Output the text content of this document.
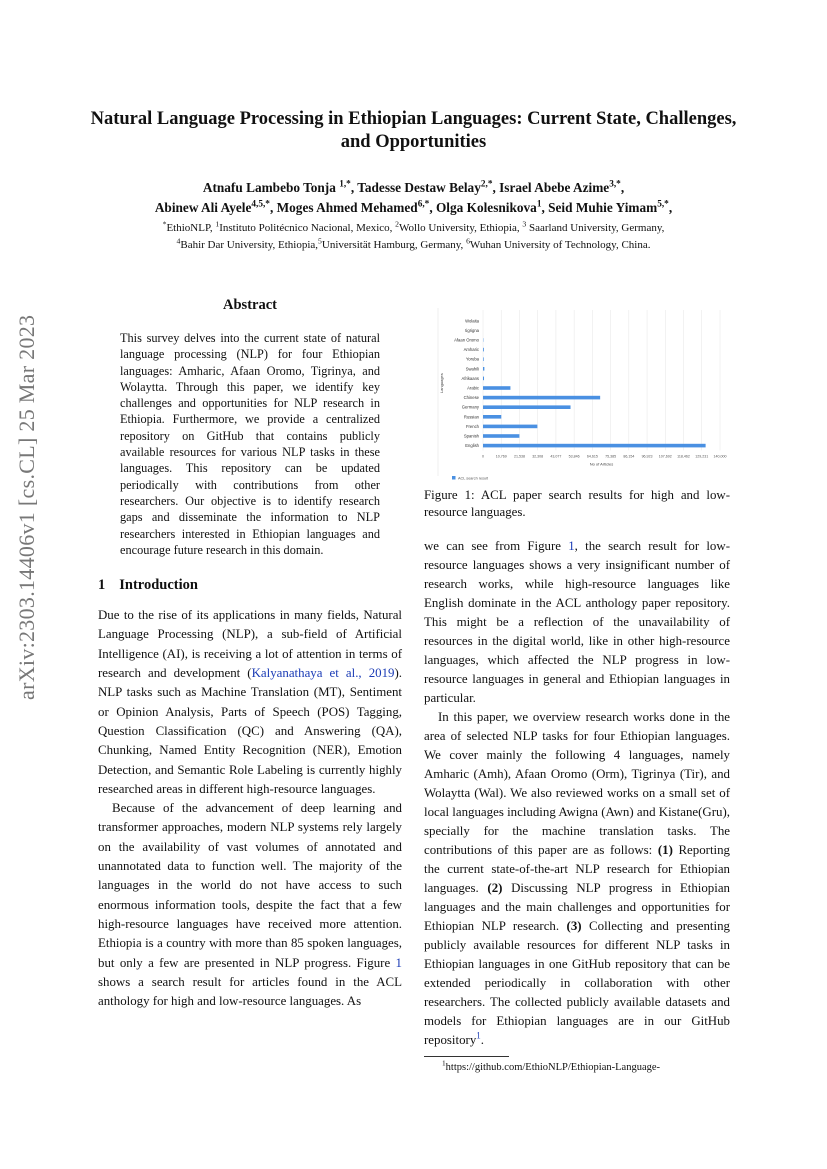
arXiv:2303.14406v1 [cs.CL] 25 Mar 2023
Natural Language Processing in Ethiopian Languages: Current State, Challenges, and Opportunities
Atnafu Lambebo Tonja $^{1,*}$, Tadesse Destaw Belay$^{2,*}$, Israel Abebe Azime$^{3,*}$,
Abinew Ali Ayele$^{4,5,*}$, Moges Ahmed Mehamed$^{6,*}$, Olga Kolesnikova$^1$, Seid Muhie Yimam$^{5,*}$,
*EthioNLP, $^1$Instituto Politécnico Nacional, Mexico, $^2$Wollo University, Ethiopia, $^3$ Saarland University, Germany,
$^4$Bahir Dar University, Ethiopia,$^5$Universität Hamburg, Germany, $^6$Wuhan University of Technology, China.
Abstract
This survey delves into the current state of natural language processing (NLP) for four Ethiopian languages: Amharic, Afaan Oromo, Tigrinya, and Wolaytta. Through this paper, we identify key challenges and opportunities for NLP research in Ethiopia. Furthermore, we provide a centralized repository on GitHub that contains publicly available resources for various NLP tasks in these languages. This repository can be updated periodically with contributions from other researchers. Our objective is to identify research gaps and disseminate the information to NLP researchers interested in Ethiopian languages and encourage future research in this domain.
1 Introduction

Due to the rise of its applications in many fields, Natural Language Processing (NLP), a sub-field of Artificial Intelligence (AI), is receiving a lot of attention in terms of research and development (Kalyanathaya et al., 2019). NLP tasks such as Machine Translation (MT), Sentiment or Opinion Analysis, Parts of Speech (POS) Tagging, Question Classification (QC) and Answering (QA), Chunking, Named Entity Recognition (NER), Emotion Detection, and Semantic Role Labeling is currently highly researched areas in different high-resource languages.

Because of the advancement of deep learning and transformer approaches, modern NLP systems rely largely on the availability of vast volumes of annotated and unannotated data to function well. The majority of the languages in the world do not have access to such enormous information tools, despite the fact that a few high-resource languages have received more attention. Ethiopia is a country with more than 85 spoken languages, but only a few are presented in NLP progress. Figure 1 shows a search result for articles found in the ACL anthology for high and low-resource languages. As

0	10,769 21,538 32,308 43,077 53,846 64,615 75,385 86,154 96,923 107,692 118,462 129,231 140,000
Wolaita
tigrigna
Afaan Oromo
Amharic
Yoruba
Swahili
Afrikaans
Arabic
Chinese
Germany
Russian
French
Spanish
English
No of Articles
Languages
ACL search result
Figure 1: ACL paper search results for high and low-resource languages.

we can see from Figure 1, the search result for low-resource languages shows a very insignificant number of research works, while high-resource languages like English dominate in the ACL anthology paper repository. This might be a reflection of the unavailability of resources in the digital world, like in other high-resource languages, which affected the NLP progress in low-resource languages in general and Ethiopian languages in particular.

In this paper, we overview research works done in the area of selected NLP tasks for four Ethiopian languages. We cover mainly the following 4 languages, namely Amharic (Amh), Afaan Oromo (Orm), Tigrinya (Tir), and Wolaytta (Wal). We also reviewed works on a small set of local languages including Awigna (Awn) and Kistane(Gru), specially for the machine translation tasks. The contributions of this paper are as follows: (1) Reporting the current state-of-the-art NLP research for Ethiopian languages. (2) Discussing NLP progress in Ethiopian languages and the main challenges and opportunities for Ethiopian NLP research. (3) Collecting and presenting publicly available resources for different NLP tasks in Ethiopian languages in one GitHub repository that can be extended periodically in collaboration with other researchers. The collected publicly available datasets and models for Ethiopian languages are in our GitHub repository$^1$.

$^1$https://github.com/EthioNLP/Ethiopian-Language-
